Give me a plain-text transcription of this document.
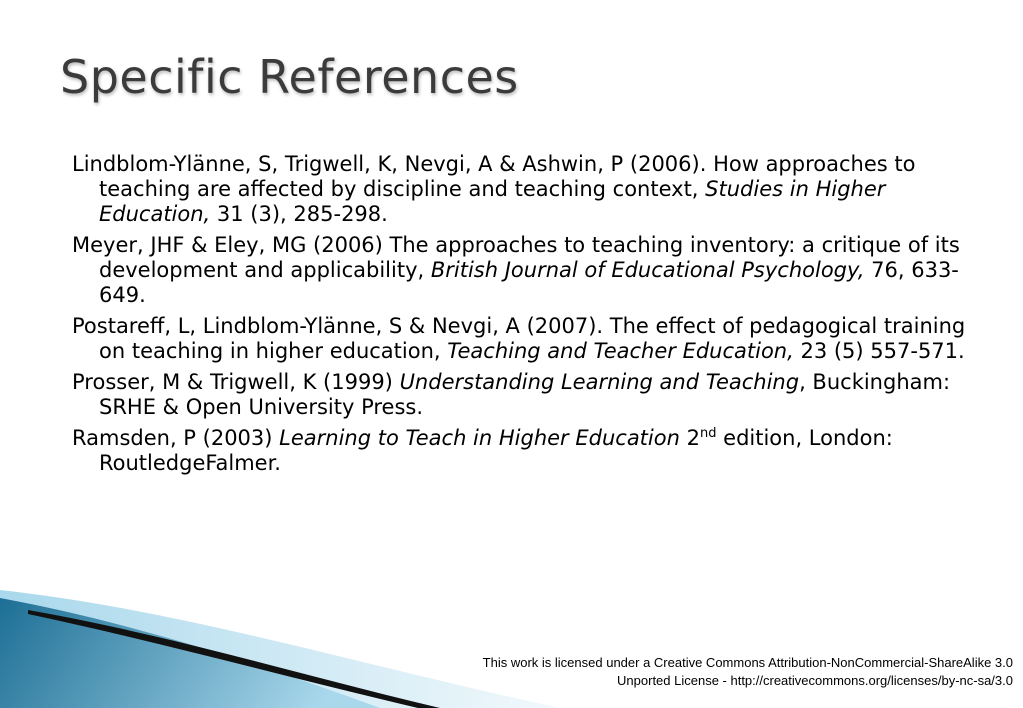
Specific References
Lindblom-Ylänne, S, Trigwell, K, Nevgi, A & Ashwin, P (2006). How approaches to teaching are affected by discipline and teaching context, Studies in Higher Education, 31 (3), 285-298.
Meyer, JHF & Eley, MG (2006) The approaches to teaching inventory: a critique of its development and applicability, British Journal of Educational Psychology, 76, 633-649.
Postareff, L, Lindblom-Ylänne, S & Nevgi, A (2007). The effect of pedagogical training on teaching in higher education, Teaching and Teacher Education, 23 (5) 557-571.
Prosser, M & Trigwell, K (1999) Understanding Learning and Teaching, Buckingham: SRHE & Open University Press.
Ramsden, P (2003) Learning to Teach in Higher Education 2nd edition, London: RoutledgeFalmer.

This work is licensed under a Creative Commons Attribution-NonCommercial-ShareAlike 3.0
Unported License - http://creativecommons.org/licenses/by-nc-sa/3.0
